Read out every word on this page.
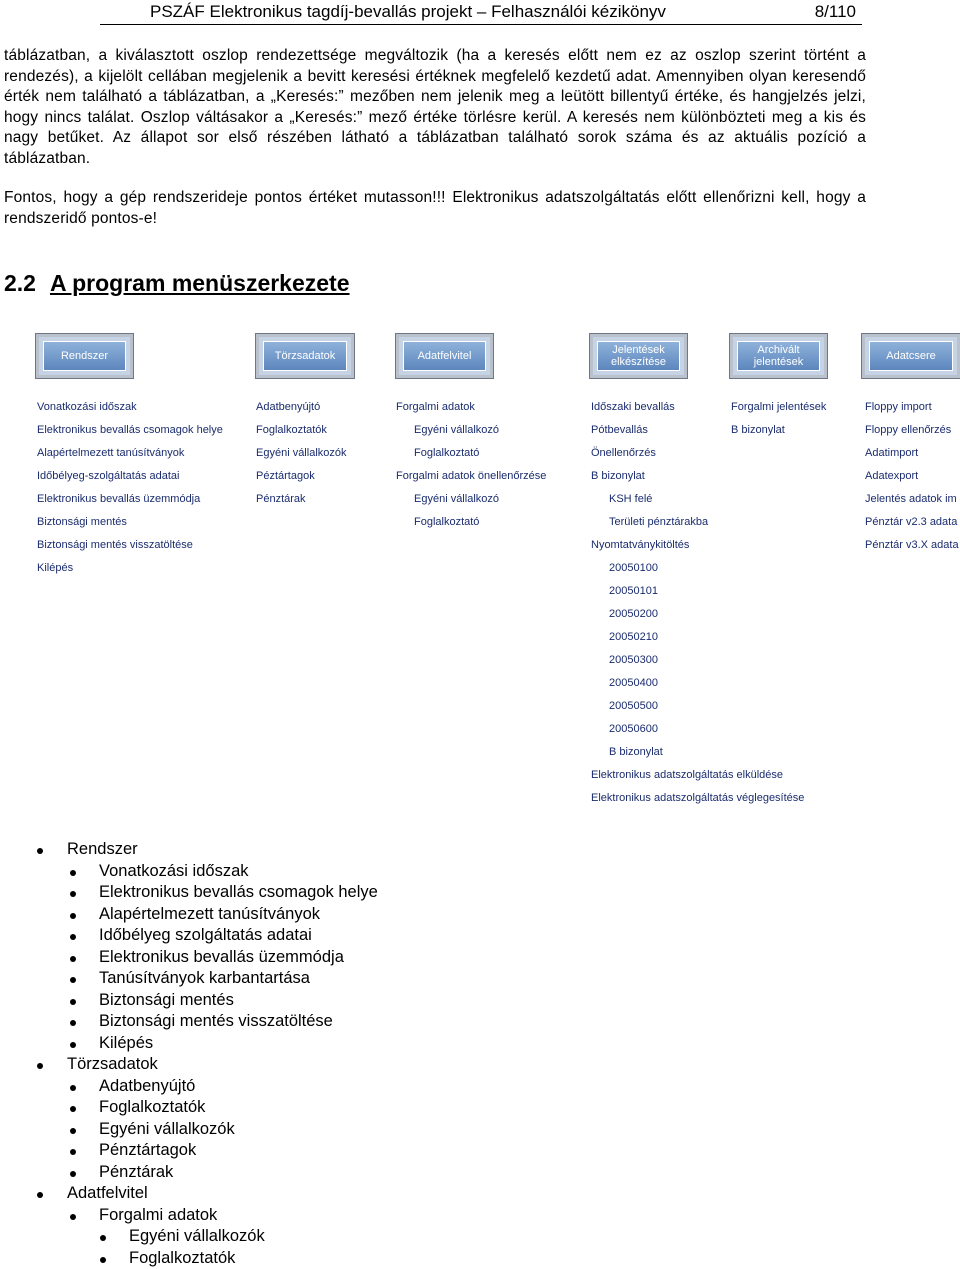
PSZÁF Elektronikus tagdíj-bevallás projekt – Felhasználói kézikönyv	8/110
táblázatban, a kiválasztott oszlop rendezettsége megváltozik (ha a keresés előtt nem ez az oszlop szerint történt a rendezés), a kijelölt cellában megjelenik a bevitt keresési értéknek megfelelő kezdetű adat. Amennyiben olyan keresendő érték nem található a táblázatban, a „Keresés:” mezőben nem jelenik meg a leütött billentyű értéke, és hangjelzés jelzi, hogy nincs találat. Oszlop váltásakor a „Keresés:” mező értéke törlésre kerül. A keresés nem különbözteti meg a kis és nagy betűket. Az állapot sor első részében látható a táblázatban található sorok száma és az aktuális pozíció a táblázatban.
Fontos, hogy a gép rendszerideje pontos értéket mutasson!!! Elektronikus adatszolgáltatás előtt ellenőrizni kell, hogy a rendszeridő pontos-e!
2.2 A program menüszerkezete
Rendszer
Vonatkozási időszak
Elektronikus bevallás csomagok helye
Alapértelmezett tanúsítványok
Időbélyeg-szolgáltatás adatai
Elektronikus bevallás üzemmódja
Biztonsági mentés
Biztonsági mentés visszatöltése
Kilépés
Törzsadatok
Adatbenyújtó
Foglalkoztatók
Egyéni vállalkozók
Péztártagok
Pénztárak
Adatfelvitel
Forgalmi adatok
Egyéni vállalkozó
Foglalkoztató
Forgalmi adatok önellenőrzése
Egyéni vállalkozó
Foglalkoztató
Jelentések elkészítése
Időszaki bevallás
Pótbevallás
Önellenőrzés
B bizonylat
KSH felé
Területi pénztárakba
Nyomtatványkitöltés
20050100
20050101
20050200
20050210
20050300
20050400
20050500
20050600
B bizonylat
Elektronikus adatszolgáltatás elküldése
Elektronikus adatszolgáltatás véglegesítése
Archivált jelentések
Forgalmi jelentések
B bizonylat
Adatcsere
Floppy import
Floppy ellenőrzés
Adatimport
Adatexport
Jelentés adatok im
Pénztár v2.3 adata
Pénztár v3.X adata
Rendszer
Vonatkozási időszak
Elektronikus bevallás csomagok helye
Alapértelmezett tanúsítványok
Időbélyeg szolgáltatás adatai
Elektronikus bevallás üzemmódja
Tanúsítványok karbantartása
Biztonsági mentés
Biztonsági mentés visszatöltése
Kilépés
Törzsadatok
Adatbenyújtó
Foglalkoztatók
Egyéni vállalkozók
Pénztártagok
Pénztárak
Adatfelvitel
Forgalmi adatok
Egyéni vállalkozók
Foglalkoztatók
